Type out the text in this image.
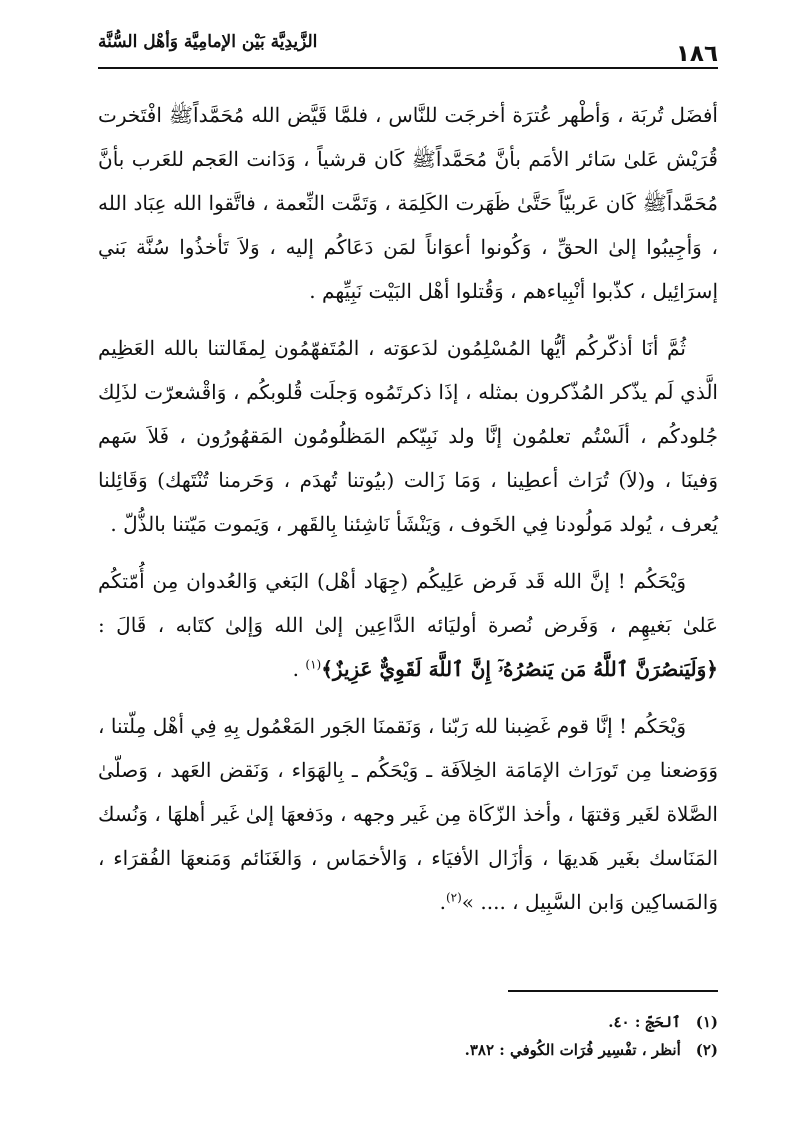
١٨٦
الزَّيدِيَّة بَيْن الإمامِيَّة وَأهْل السُّنَّة

أفضَل تُربَة ، وَأطْهر عُترَة أخرجَت للنَّاس ، فلمَّا قَيَّض الله مُحَمَّداًﷺ افْتَخرت قُرَيْش عَلىٰ سَائر الأمَم بأنَّ مُحَمَّداًﷺ كَان قرشياً ، وَدَانت العَجم للعَرب بأنَّ مُحَمَّداًﷺ كَان عَربيّاً حَتَّىٰ ظَهَرت الكَلِمَة ، وَتَمَّت النِّعمة ، فاتَّقوا الله عِبَاد الله ، وَأجِيبُوا إلىٰ الحقِّ ، وَكُونوا أعوَاناً لمَن دَعَاكُم إليه ، وَلاَ تَأخذُوا سُنَّة بَني إسرَائِيل ، كذّبوا أنْبِياءهم ، وَقُتلوا أهْل البَيْت نَبِيِّهم .

ثُمَّ أنَا أذكّركُم أيُّها المُسْلِمُون لدَعوَته ، المُتَفهّمُون لِمقَالتنا بالله العَظِيم الَّذي لَم يذّكر المُذّكرون بمثله ، إذَا ذكرتَمُوه وَجلَت قُلوبكُم ، وَاقْشعرّت لذَلِك جُلودكُم ، ألَسْتُم تعلمُون إنَّا ولد نَبِيّكم المَظلُومُون المَقهُورُون ، فَلاَ سَهم وَفينَا ، و(لاَ) تُرَاث أعطِينا ، وَمَا زَالت (بيُوتنا تُهدَم ، وَحَرمنا تُنْتَهك) وَقَائِلنا يُعرف ، يُولد مَولُودنا فِي الخَوف ، وَيَنْشَأ نَاشِئنا بِالقَهر ، وَيَموت مَيّتنا بالذُّلّ .

وَيْحَكُم ! إنَّ الله قَد فَرض عَلِيكُم (جِهَاد أهْل) البَغي وَالعُدوان مِن أُمّتكُم عَلىٰ بَغيهِم ، وَفَرض نُصرة أوليَائه الدَّاعِين إلىٰ الله وَإلىٰ كتَابه ، قَالَ : ﴿وَلَيَنصُرَنَّ ٱللَّهُ مَن يَنصُرُهُۥٓ إِنَّ ٱللَّهَ لَقَوِيٌّ عَزِيزٌ﴾$^{(١)}$ .

وَيْحَكُم ! إنَّا قوم غَضِبنا لله رَبّنا ، وَنَقمنَا الجَور المَعْمُول بِهِ فِي أهْل مِلّتنا ، وَوَضعنا مِن تَورَاث الإمَامَة الخِلاَفَة ـ وَيْحَكُم ـ بِالهَوَاء ، وَنَقض العَهد ، وَصلّىٰ الصَّلاة لغَير وَقتهَا ، وأخذ الزّكَاة مِن غَير وجهه ، ودَفعهَا إلىٰ غَير أهلهَا ، وَنُسك المَنَاسك بغَير هَديهَا ، وَأزَال الأفيَاء ، وَالأخمَاس ، وَالغَنَائم وَمَنعهَا الفُقرَاء ، وَالمَساكِين وَابن السَّبِيل ، .... »$^{(٢)}$.

(١) ٱلحَجّ : ٤٠.
(٢) أنظر ، تفْسِير فُرَات الكُوفي : ٣٨٢.
